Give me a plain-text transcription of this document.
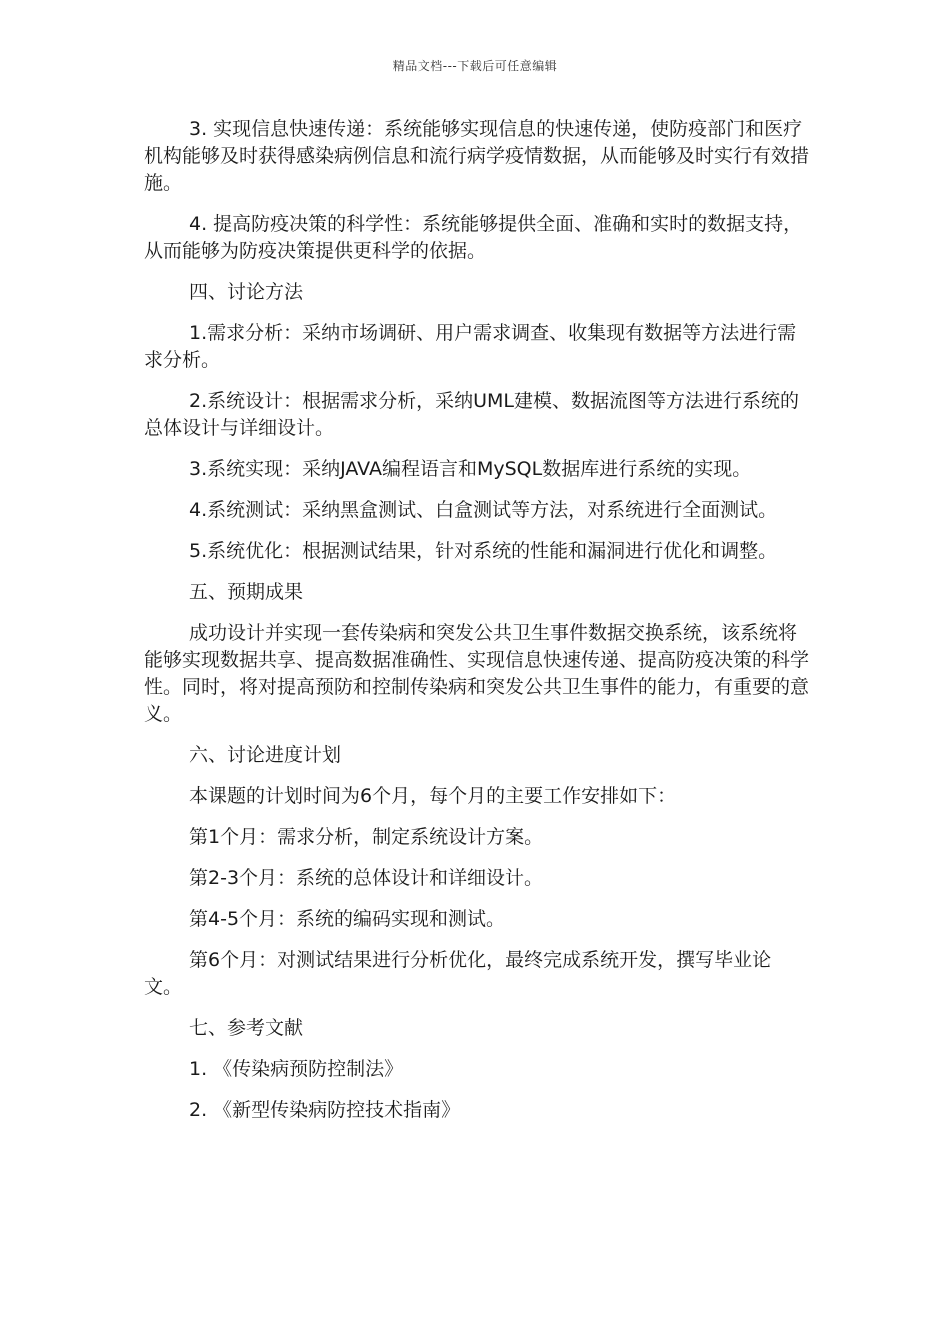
精品文档---下载后可任意编辑

3. 实现信息快速传递：系统能够实现信息的快速传递，使防疫部门和医疗机构能够及时获得感染病例信息和流行病学疫情数据，从而能够及时实行有效措施。

4. 提高防疫决策的科学性：系统能够提供全面、准确和实时的数据支持，从而能够为防疫决策提供更科学的依据。

四、讨论方法

1.需求分析：采纳市场调研、用户需求调查、收集现有数据等方法进行需求分析。

2.系统设计：根据需求分析，采纳UML建模、数据流图等方法进行系统的总体设计与详细设计。

3.系统实现：采纳JAVA编程语言和MySQL数据库进行系统的实现。

4.系统测试：采纳黑盒测试、白盒测试等方法，对系统进行全面测试。

5.系统优化：根据测试结果，针对系统的性能和漏洞进行优化和调整。

五、预期成果

成功设计并实现一套传染病和突发公共卫生事件数据交换系统，该系统将能够实现数据共享、提高数据准确性、实现信息快速传递、提高防疫决策的科学性。同时，将对提高预防和控制传染病和突发公共卫生事件的能力，有重要的意义。

六、讨论进度计划

本课题的计划时间为6个月，每个月的主要工作安排如下：

第1个月：需求分析，制定系统设计方案。

第2-3个月：系统的总体设计和详细设计。

第4-5个月：系统的编码实现和测试。

第6个月：对测试结果进行分析优化，最终完成系统开发，撰写毕业论文。

七、参考文献

1. 《传染病预防控制法》

2. 《新型传染病防控技术指南》
